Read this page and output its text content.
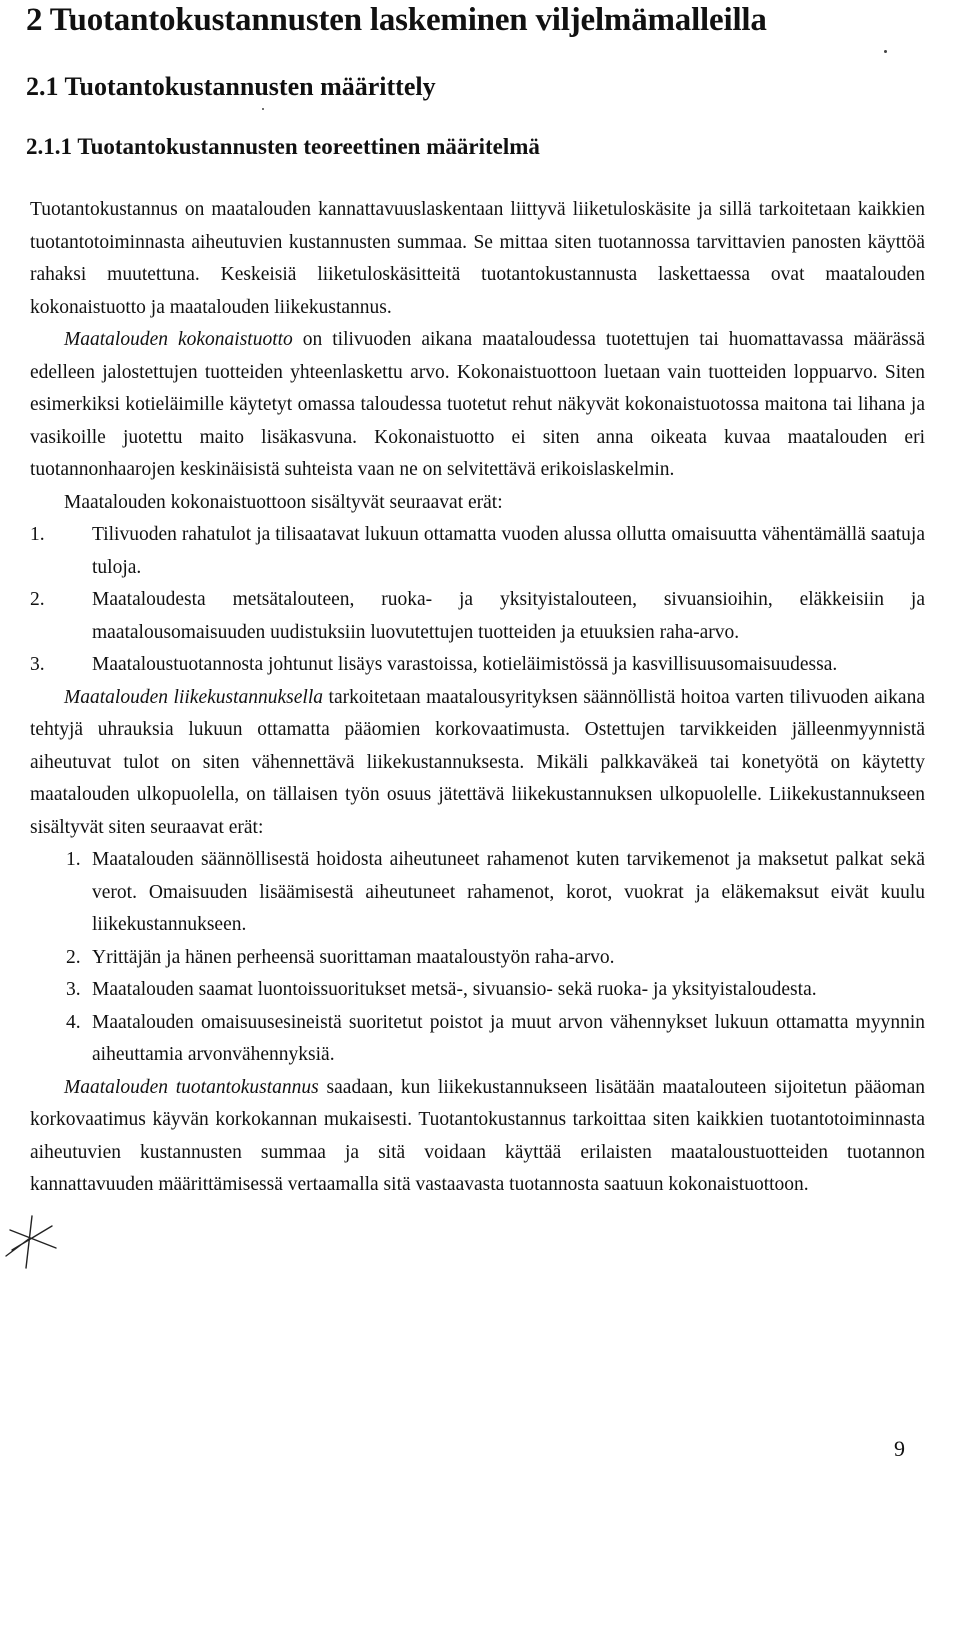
2 Tuotantokustannusten laskeminen viljelmämalleilla
2.1 Tuotantokustannusten määrittely
2.1.1 Tuotantokustannusten teoreettinen määritelmä

Tuotantokustannus on maatalouden kannattavuuslaskentaan liittyvä liiketuloskäsite ja sillä tarkoitetaan kaikkien tuotantotoiminnasta aiheutuvien kustannusten summaa. Se mittaa siten tuotannossa tarvittavien panosten käyttöä rahaksi muutettuna. Keskeisiä liiketuloskäsitteitä tuotantokustannusta laskettaessa ovat maatalouden kokonaistuotto ja maatalouden liikekustannus.

Maatalouden kokonaistuotto on tilivuoden aikana maataloudessa tuotettujen tai huomattavassa määrässä edelleen jalostettujen tuotteiden yhteenlaskettu arvo. Kokonaistuottoon luetaan vain tuotteiden loppuarvo. Siten esimerkiksi kotieläimille käytetyt omassa taloudessa tuotetut rehut näkyvät kokonaistuotossa maitona tai lihana ja vasikoille juotettu maito lisäkasvuna. Kokonaistuotto ei siten anna oikeata kuvaa maatalouden eri tuotannonhaarojen keskinäisistä suhteista vaan ne on selvitettävä erikoislaskelmin.

Maatalouden kokonaistuottoon sisältyvät seuraavat erät:

1.	Tilivuoden rahatulot ja tilisaatavat lukuun ottamatta vuoden alussa ollutta omaisuutta vähentämällä saatuja tuloja.
2.	Maataloudesta metsätalouteen, ruoka- ja yksityistalouteen, sivuansioihin, eläkkeisiin ja maatalousomaisuuden uudistuksiin luovutettujen tuotteiden ja etuuksien raha-arvo.
3.	Maataloustuotannosta johtunut lisäys varastoissa, kotieläimistössä ja kasvillisuusomaisuudessa.

Maatalouden liikekustannuksella tarkoitetaan maatalousyrityksen säännöllistä hoitoa varten tilivuoden aikana tehtyjä uhrauksia lukuun ottamatta pääomien korkovaatimusta. Ostettujen tarvikkeiden jälleenmyynnistä aiheutuvat tulot on siten vähennettävä liikekustannuksesta. Mikäli palkkaväkeä tai konetyötä on käytetty maatalouden ulkopuolella, on tällaisen työn osuus jätettävä liikekustannuksen ulkopuolelle. Liikekustannukseen sisältyvät siten seuraavat erät:

1. Maatalouden säännöllisestä hoidosta aiheutuneet rahamenot kuten tarvikemenot ja maksetut palkat sekä verot. Omaisuuden lisäämisestä aiheutuneet rahamenot, korot, vuokrat ja eläkemaksut eivät kuulu liikekustannukseen.
2. Yrittäjän ja hänen perheensä suorittaman maataloustyön raha-arvo.
3. Maatalouden saamat luontoissuoritukset metsä-, sivuansio- sekä ruoka- ja yksityistaloudesta.
4. Maatalouden omaisuusesineistä suoritetut poistot ja muut arvon vähennykset lukuun ottamatta myynnin aiheuttamia arvonvähennyksiä.

Maatalouden tuotantokustannus saadaan, kun liikekustannukseen lisätään maatalouteen sijoitetun pääoman korkovaatimus käyvän korkokannan mukaisesti. Tuotantokustannus tarkoittaa siten kaikkien tuotantotoiminnasta aiheutuvien kustannusten summaa ja sitä voidaan käyttää erilaisten maataloustuotteiden tuotannon kannattavuuden määrittämisessä vertaamalla sitä vastaavasta tuotannosta saatuun kokonaistuottoon.

9
